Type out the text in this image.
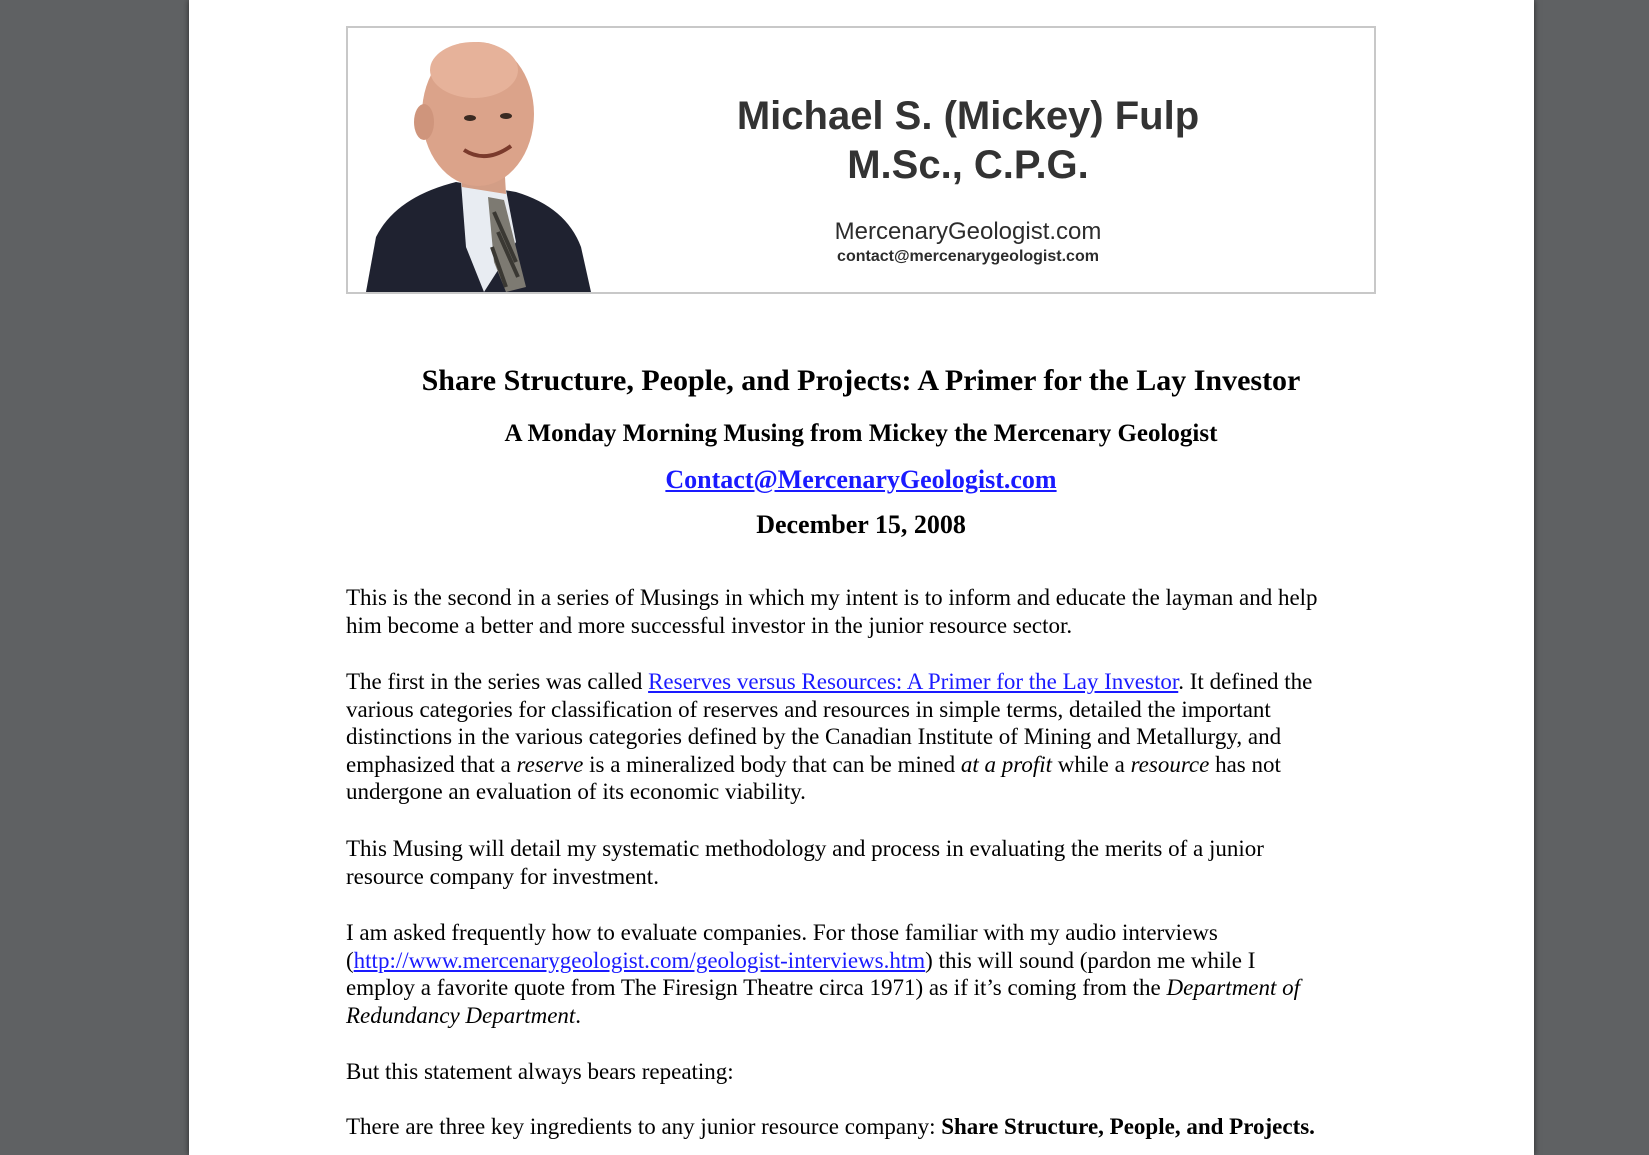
Michael S. (Mickey) Fulp
M.Sc., C.P.G.
MercenaryGeologist.com
contact@mercenarygeologist.com
Share Structure, People, and Projects: A Primer for the Lay Investor
A Monday Morning Musing from Mickey the Mercenary Geologist
Contact@MercenaryGeologist.com
December 15, 2008
This is the second in a series of Musings in which my intent is to inform and educate the layman and help
him become a better and more successful investor in the junior resource sector.
The first in the series was called Reserves versus Resources: A Primer for the Lay Investor. It defined the
various categories for classification of reserves and resources in simple terms, detailed the important
distinctions in the various categories defined by the Canadian Institute of Mining and Metallurgy, and
emphasized that a reserve is a mineralized body that can be mined at a profit while a resource has not
undergone an evaluation of its economic viability.
This Musing will detail my systematic methodology and process in evaluating the merits of a junior
resource company for investment.
I am asked frequently how to evaluate companies. For those familiar with my audio interviews
(http://www.mercenarygeologist.com/geologist-interviews.htm) this will sound (pardon me while I
employ a favorite quote from The Firesign Theatre circa 1971) as if it’s coming from the Department of
Redundancy Department.
But this statement always bears repeating:
There are three key ingredients to any junior resource company: Share Structure, People, and Projects.
